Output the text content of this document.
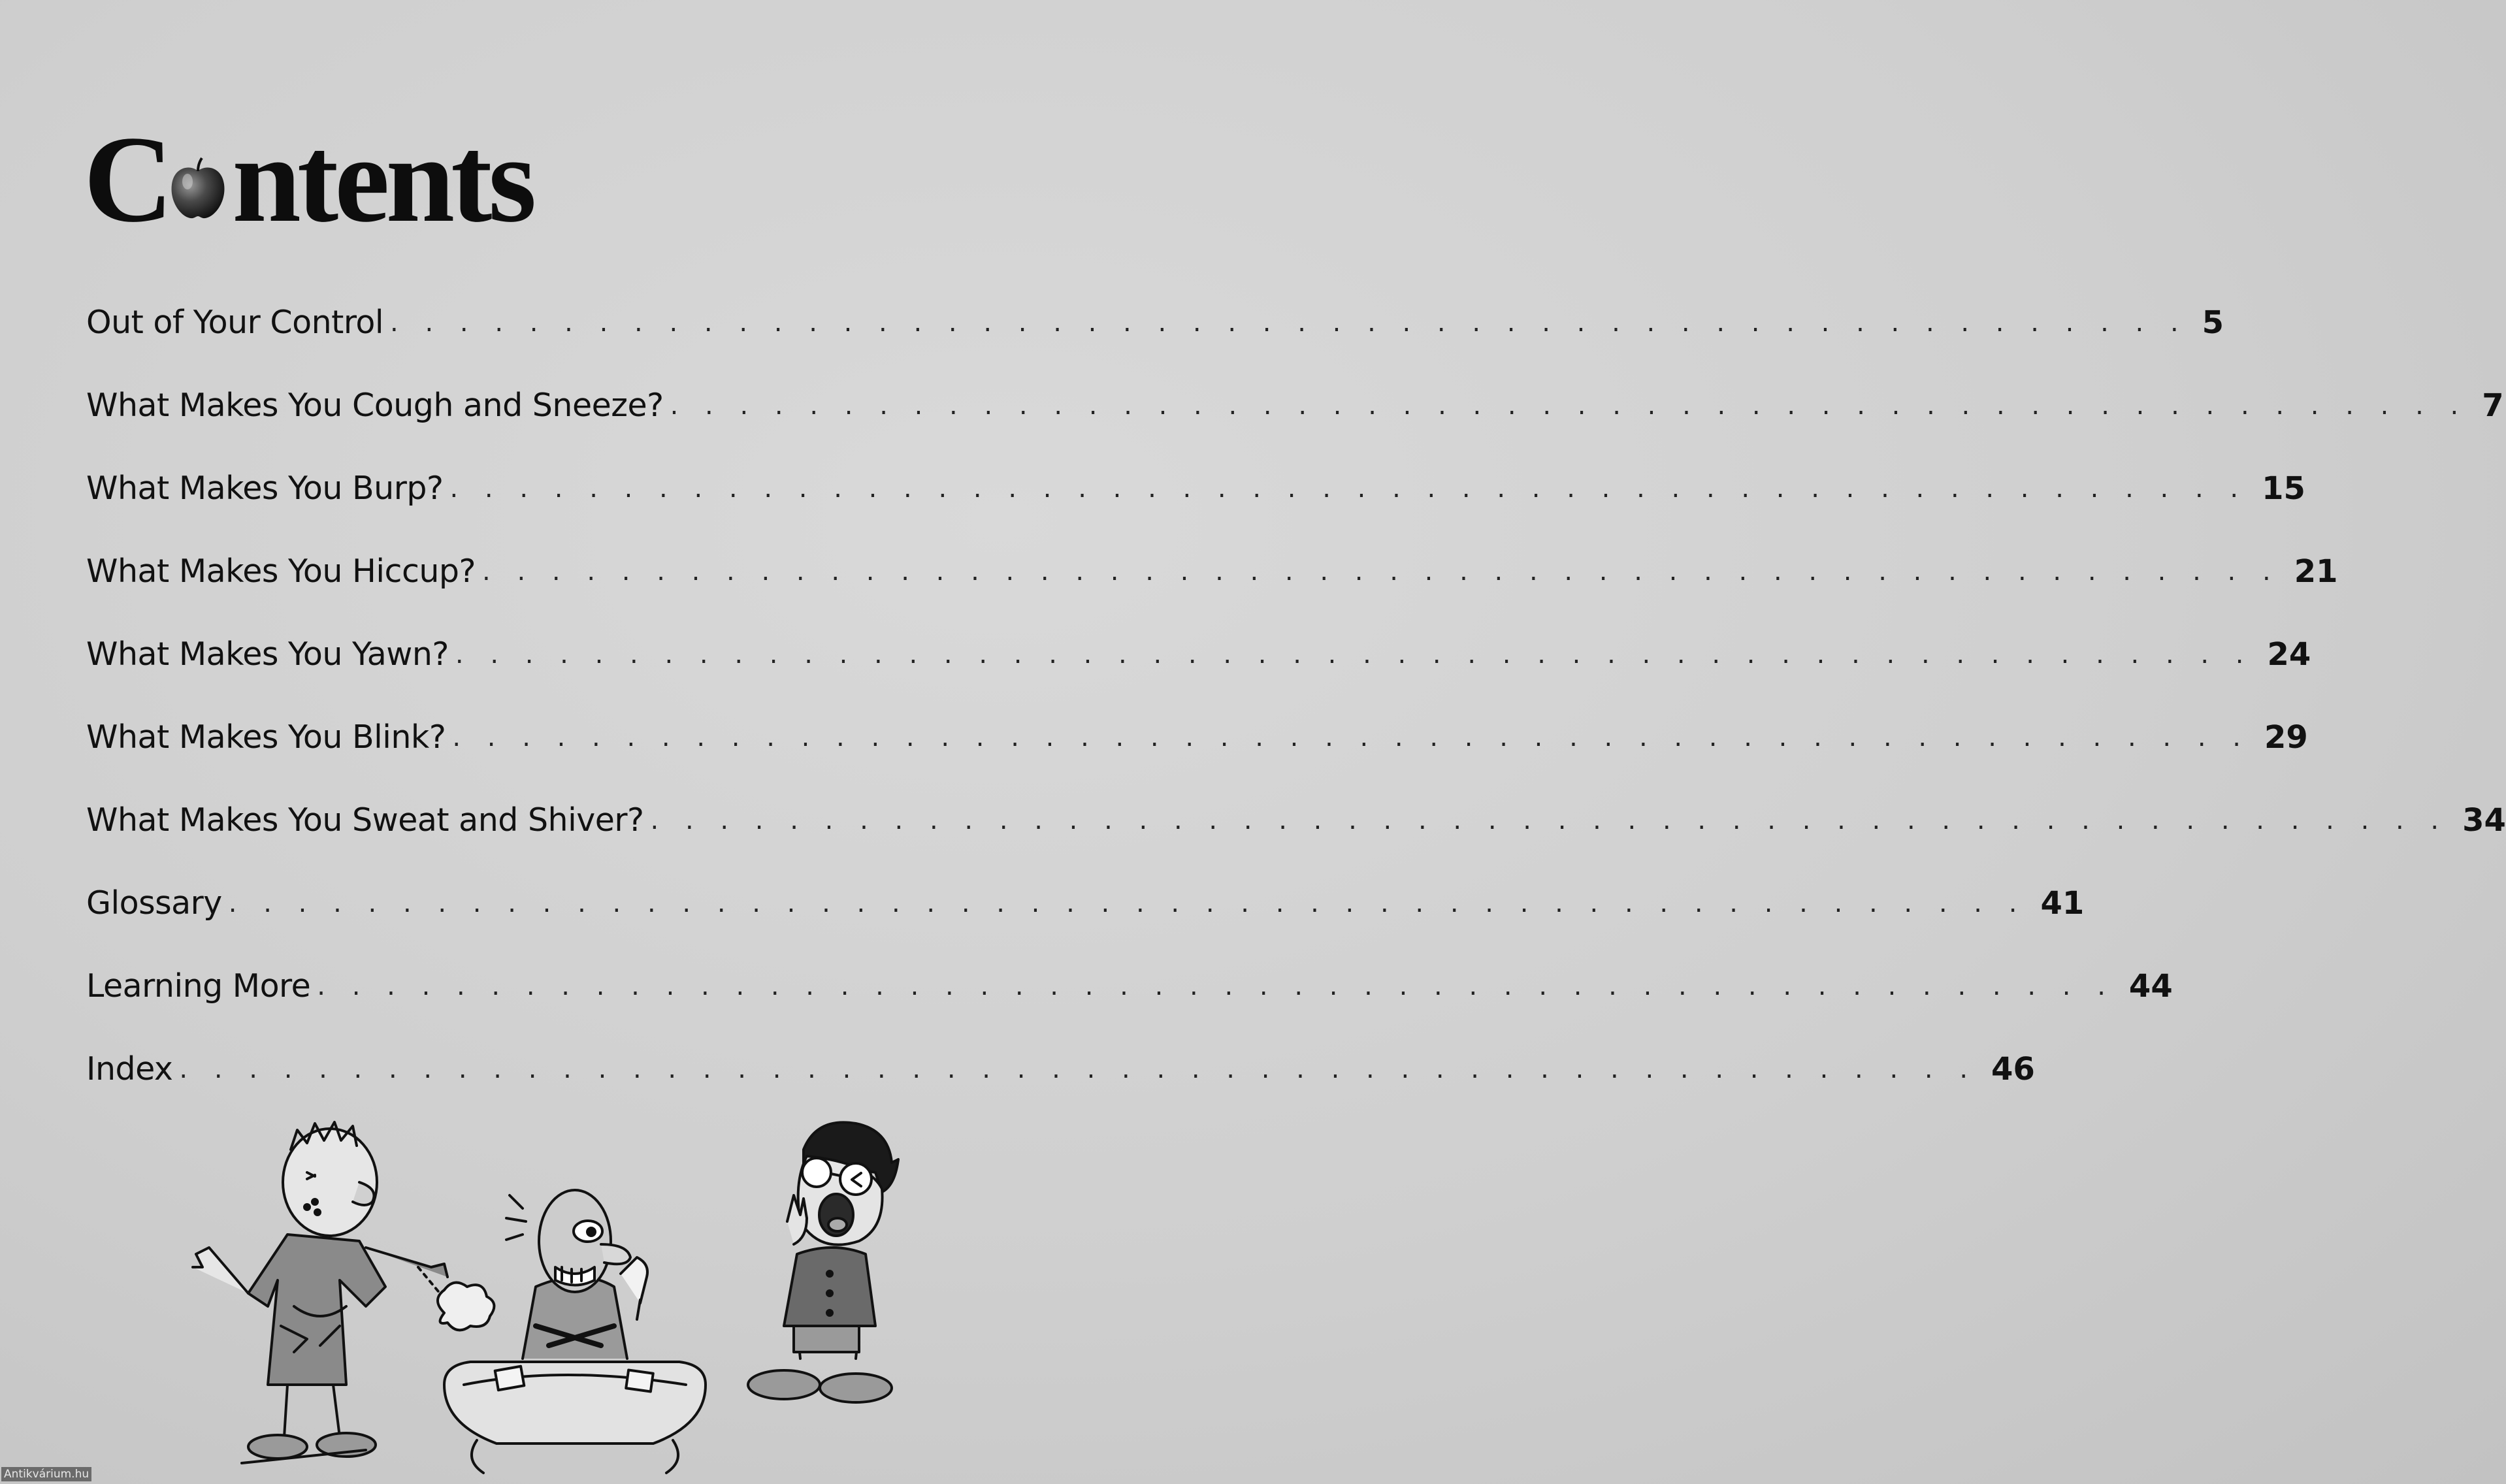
C ntents
Out of Your Control . . . . . . . . . . . . . . . . . . . . . . . . . . . . . . . . . . . . . . . . . . . . . . . . . . . . 5
What Makes You Cough and Sneeze? . . . . . . . . . . . . . . . . . . . . . . . . . . . . . . . . . . . . . . . . . . . . . . . . . . . . 7
What Makes You Burp? . . . . . . . . . . . . . . . . . . . . . . . . . . . . . . . . . . . . . . . . . . . . . . . . . . . . 15
What Makes You Hiccup? . . . . . . . . . . . . . . . . . . . . . . . . . . . . . . . . . . . . . . . . . . . . . . . . . . . . 21
What Makes You Yawn? . . . . . . . . . . . . . . . . . . . . . . . . . . . . . . . . . . . . . . . . . . . . . . . . . . . . 24
What Makes You Blink? . . . . . . . . . . . . . . . . . . . . . . . . . . . . . . . . . . . . . . . . . . . . . . . . . . . . 29
What Makes You Sweat and Shiver? . . . . . . . . . . . . . . . . . . . . . . . . . . . . . . . . . . . . . . . . . . . . . . . . . . . . 34
Glossary . . . . . . . . . . . . . . . . . . . . . . . . . . . . . . . . . . . . . . . . . . . . . . . . . . . . 41
Learning More . . . . . . . . . . . . . . . . . . . . . . . . . . . . . . . . . . . . . . . . . . . . . . . . . . . . 44
Index . . . . . . . . . . . . . . . . . . . . . . . . . . . . . . . . . . . . . . . . . . . . . . . . . . . . 46
Antikvárium.hu
